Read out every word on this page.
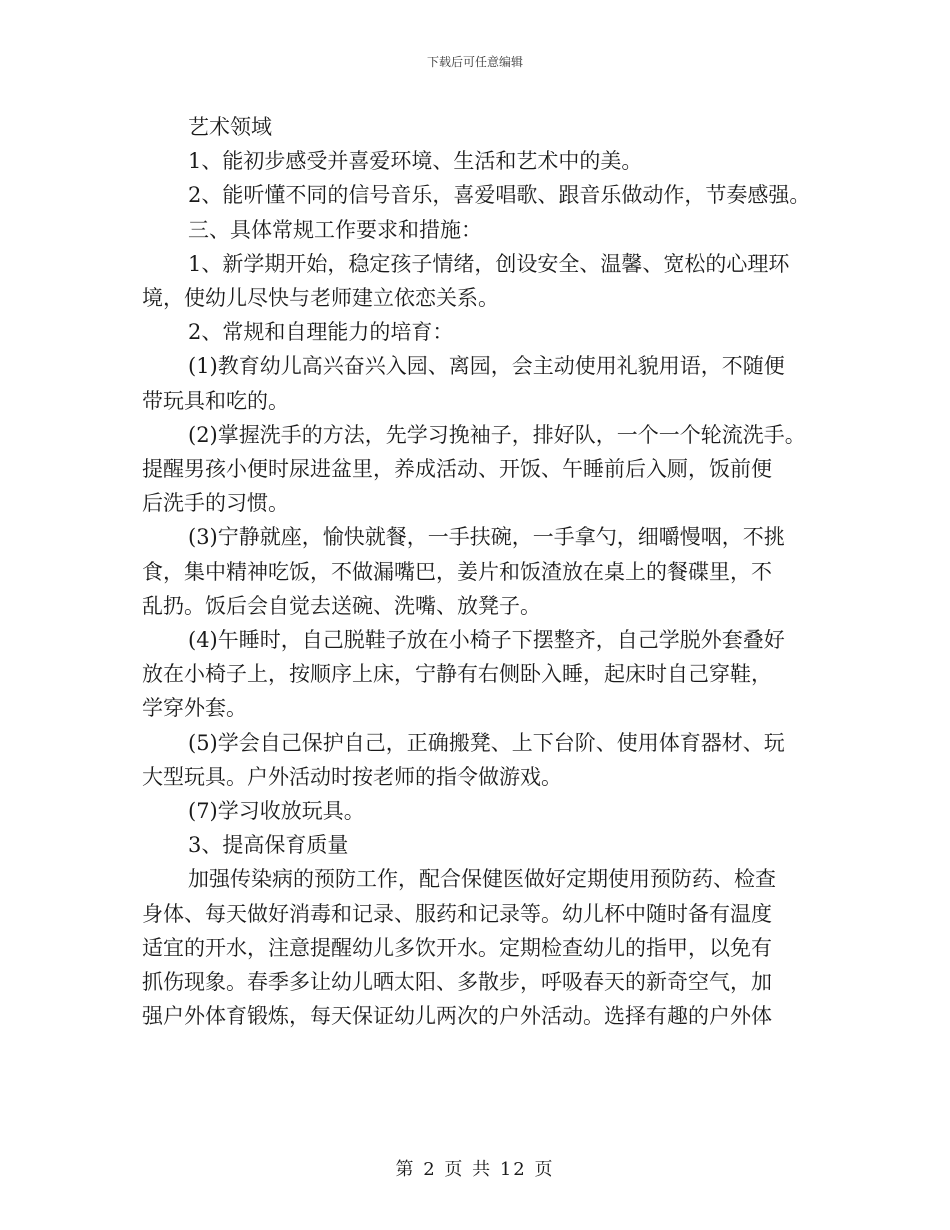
下载后可任意编辑
艺术领域
1、能初步感受并喜爱环境、生活和艺术中的美。
2、能听懂不同的信号音乐，喜爱唱歌、跟音乐做动作，节奏感强。
三、具体常规工作要求和措施：
1、新学期开始，稳定孩子情绪，创设安全、温馨、宽松的心理环
境，使幼儿尽快与老师建立依恋关系。
2、常规和自理能力的培育：
(1)教育幼儿高兴奋兴入园、离园，会主动使用礼貌用语，不随便
带玩具和吃的。
(2)掌握洗手的方法，先学习挽袖子，排好队，一个一个轮流洗手。
提醒男孩小便时尿进盆里，养成活动、开饭、午睡前后入厕，饭前便
后洗手的习惯。
(3)宁静就座，愉快就餐，一手扶碗，一手拿勺，细嚼慢咽，不挑
食，集中精神吃饭，不做漏嘴巴，姜片和饭渣放在桌上的餐碟里，不
乱扔。饭后会自觉去送碗、洗嘴、放凳子。
(4)午睡时，自己脱鞋子放在小椅子下摆整齐，自己学脱外套叠好
放在小椅子上，按顺序上床，宁静有右侧卧入睡，起床时自己穿鞋，
学穿外套。
(5)学会自己保护自己，正确搬凳、上下台阶、使用体育器材、玩
大型玩具。户外活动时按老师的指令做游戏。
(7)学习收放玩具。
3、提高保育质量
加强传染病的预防工作，配合保健医做好定期使用预防药、检查
身体、每天做好消毒和记录、服药和记录等。幼儿杯中随时备有温度
适宜的开水，注意提醒幼儿多饮开水。定期检查幼儿的指甲，以免有
抓伤现象。春季多让幼儿晒太阳、多散步，呼吸春天的新奇空气，加
强户外体育锻炼，每天保证幼儿两次的户外活动。选择有趣的户外体
第 2 页 共 12 页
